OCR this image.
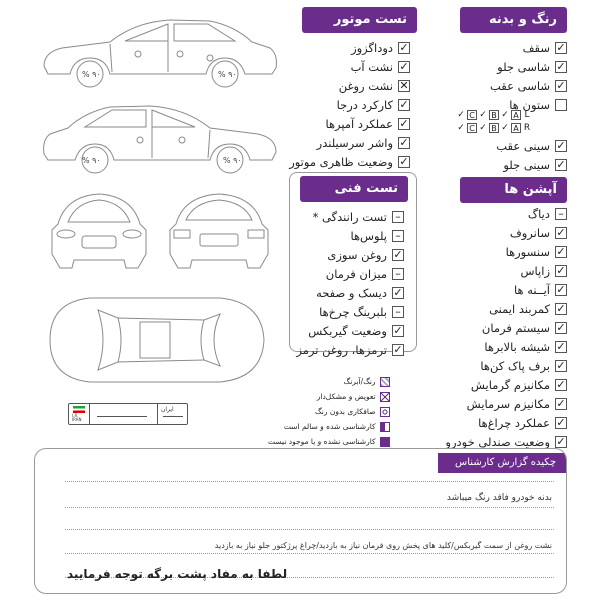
۹۰ %	۹۰ %
۹۰ %	۹۰ %
I.R.
IRAN
ایران
تست موتور
✓
دوداگزوز
✓
نشت آب
✕
نشت روغن
✓
کارکرد درجا
✓
عملکرد آمپرها
✓
واشر سرسیلندر
✓
وضعیت ظاهری موتور
رنگ و بدنه
✓
سقف
✓
شاسی جلو
✓
شاسی عقب
ستون ها
✓ C ✓ B ✓ A L
✓ C ✓ B ✓ A R
✓
سینی عقب
✓
سینی جلو
تست فنی
–
تست رانندگی *
–
پلوس‌ها
✓
روغن سوزی
–
میزان فرمان
✓
دیسک و صفحه
–
بلبرینگ چرخ‌ها
✓
وضعیت گیربکس
✓
ترمزها، روغن ترمز
آپشن ها
–
دیاگ
✓
سانروف
✓
سنسورها
✓
زاپاس
✓
آیــنه ها
✓
کمربند ایمنی
✓
سیستم فرمان
✓
شیشه بالابرها
✓
برف پاک کن‌ها
✓
مکانیزم گرمایش
✓
مکانیزم سرمایش
✓
عملکرد چراغ‌ها
✓
وضعیت صندلی خودرو
رنگ/آبرنگ
تعویض و مشکل‌دار
صافکاری بدون رنگ
کارشناسی شده و سالم است
کارشناسی نشده و یا موجود نیست
چکیده گزارش کارشناس
بدنه خودرو فاقد رنگ میباشد
نشت روغن از سمت گیربکس/کلید های پخش روی فرمان نیاز به بازدید/چراغ پرژکتور جلو نیاز به بازدید
لطفا به مفاد پشت برگه توجه فرمایید
